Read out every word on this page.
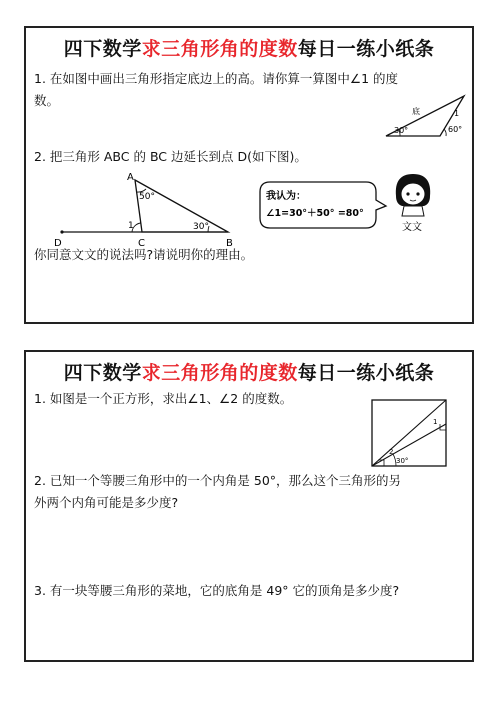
四下数学求三角形角的度数每日一练小纸条
1. 在如图中画出三角形指定底边上的高。请你算一算图中∠1 的度
数。
底
30°	60°
1
2. 把三角形 ABC 的 BC 边延长到点 D(如下图)。
A
B
C
D
1
50°
30°
我认为：
∠1=30°＋50° =80°
文文
你同意文文的说法吗?请说明你的理由。
四下数学求三角形角的度数每日一练小纸条
1. 如图是一个正方形，求出∠1、∠2 的度数。
30°
2
1
2. 已知一个等腰三角形中的一个内角是 50°，那么这个三角形的另
外两个内角可能是多少度?
3. 有一块等腰三角形的菜地，它的底角是 49° 它的顶角是多少度?
